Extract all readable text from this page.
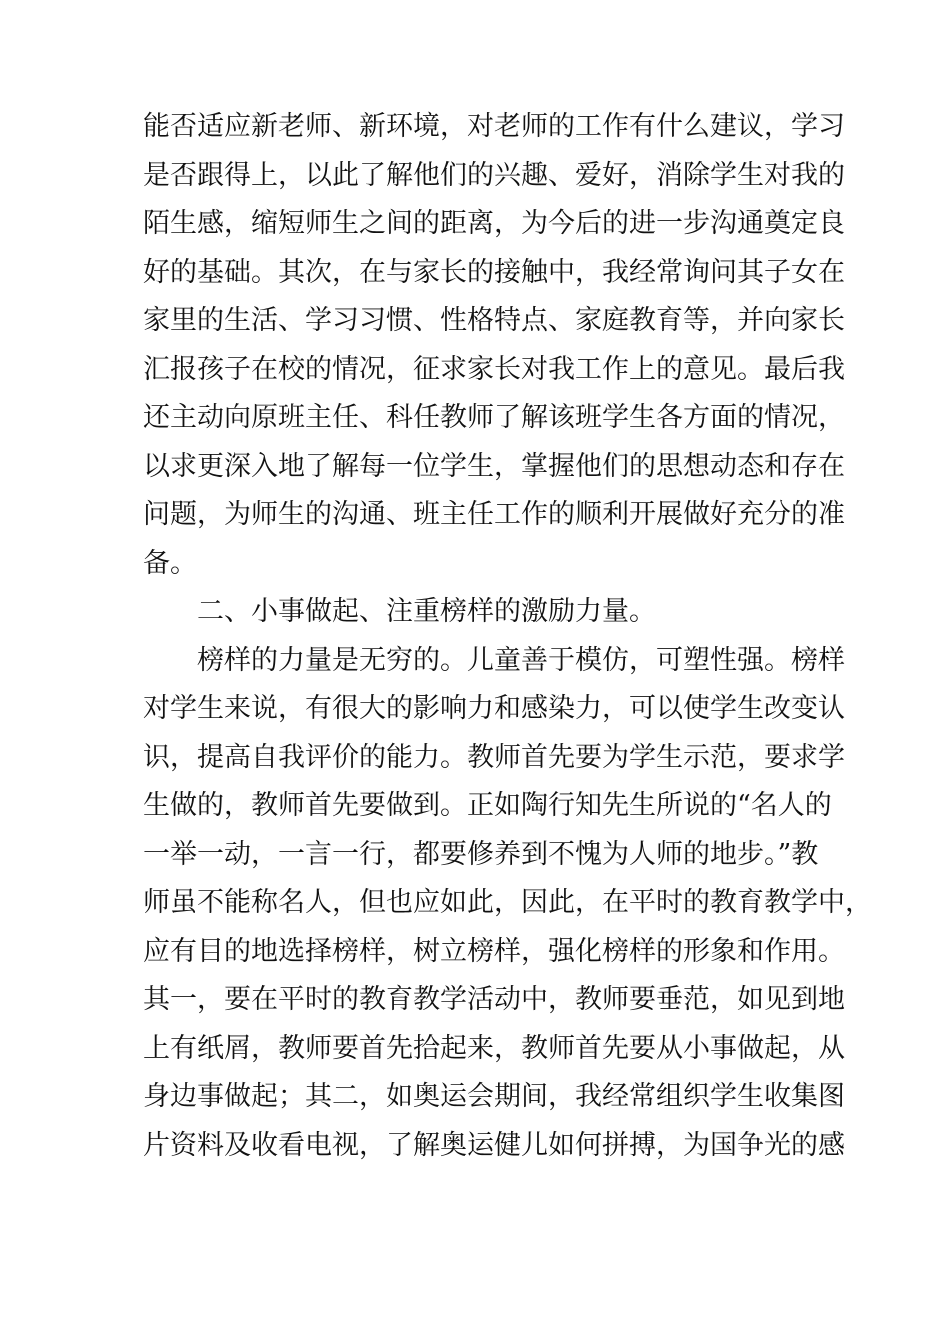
能否适应新老师、新环境，对老师的工作有什么建议，学习
是否跟得上，以此了解他们的兴趣、爱好，消除学生对我的
陌生感，缩短师生之间的距离，为今后的进一步沟通奠定良
好的基础。其次，在与家长的接触中，我经常询问其子女在
家里的生活、学习习惯、性格特点、家庭教育等，并向家长
汇报孩子在校的情况，征求家长对我工作上的意见。最后我
还主动向原班主任、科任教师了解该班学生各方面的情况，
以求更深入地了解每一位学生，掌握他们的思想动态和存在
问题，为师生的沟通、班主任工作的顺利开展做好充分的准
备。
二、小事做起、注重榜样的激励力量。
榜样的力量是无穷的。儿童善于模仿，可塑性强。榜样
对学生来说，有很大的影响力和感染力，可以使学生改变认
识，提高自我评价的能力。教师首先要为学生示范，要求学
生做的，教师首先要做到。正如陶行知先生所说的“名人的
一举一动，一言一行，都要修养到不愧为人师的地步。”教
师虽不能称名人，但也应如此，因此，在平时的教育教学中，
应有目的地选择榜样，树立榜样，强化榜样的形象和作用。
其一，要在平时的教育教学活动中，教师要垂范，如见到地
上有纸屑，教师要首先拾起来，教师首先要从小事做起，从
身边事做起；其二，如奥运会期间，我经常组织学生收集图
片资料及收看电视，了解奥运健儿如何拼搏，为国争光的感
